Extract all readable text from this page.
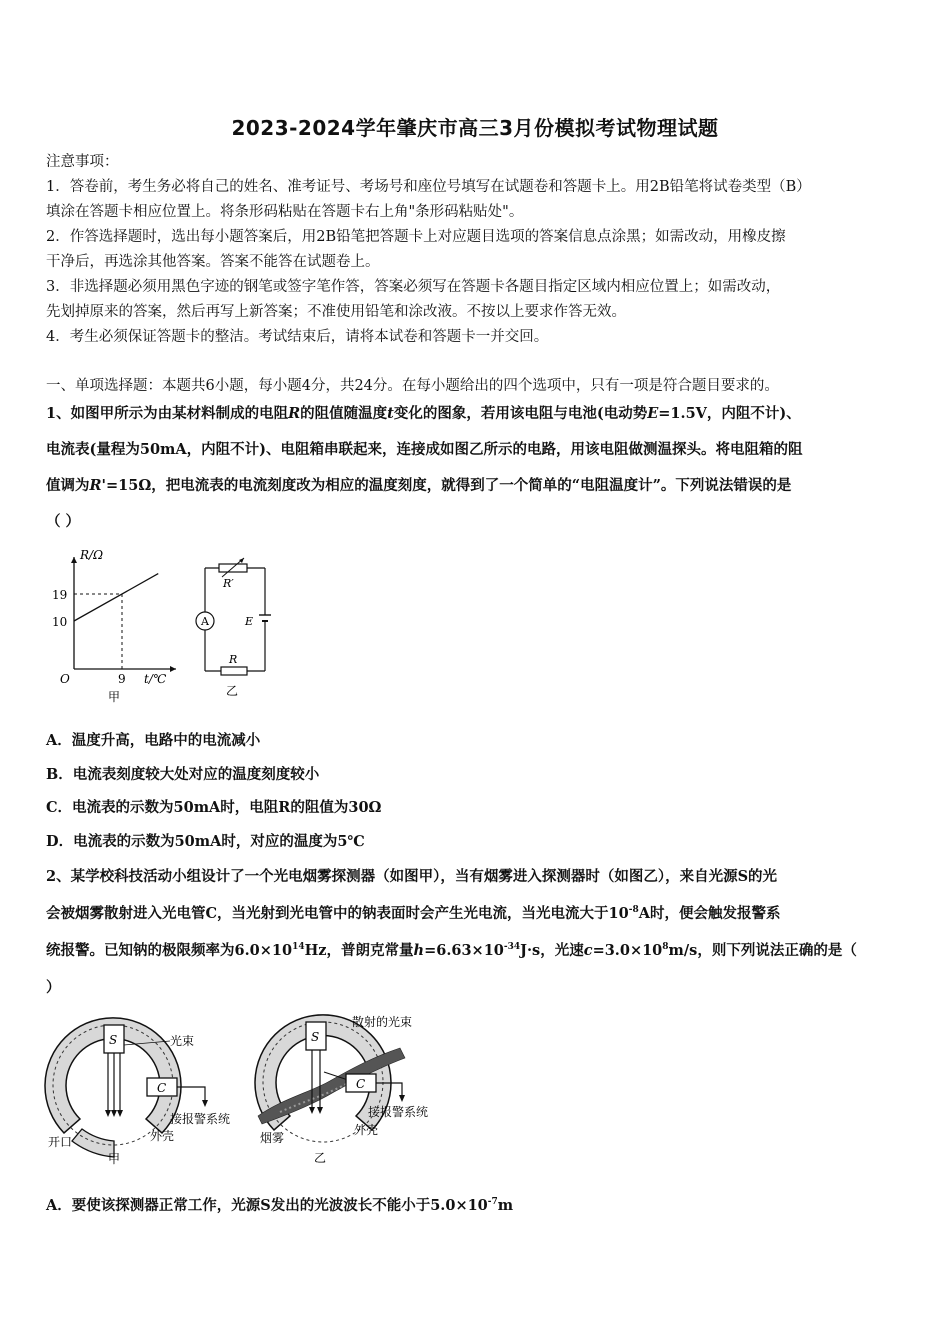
2023-2024学年肇庆市高三3月份模拟考试物理试题
注意事项：
1．答卷前，考生务必将自己的姓名、准考证号、考场号和座位号填写在试题卷和答题卡上。用2B铅笔将试卷类型（B）
填涂在答题卡相应位置上。将条形码粘贴在答题卡右上角"条形码粘贴处"。
2．作答选择题时，选出每小题答案后，用2B铅笔把答题卡上对应题目选项的答案信息点涂黑；如需改动，用橡皮擦
干净后，再选涂其他答案。答案不能答在试题卷上。
3．非选择题必须用黑色字迹的钢笔或签字笔作答，答案必须写在答题卡各题目指定区域内相应位置上；如需改动，
先划掉原来的答案，然后再写上新答案；不准使用铅笔和涂改液。不按以上要求作答无效。
4．考生必须保证答题卡的整洁。考试结束后，请将本试卷和答题卡一并交回。
一、单项选择题：本题共6小题，每小题4分，共24分。在每小题给出的四个选项中，只有一项是符合题目要求的。
1、如图甲所示为由某材料制成的电阻R的阻值随温度t变化的图象，若用该电阻与电池(电动势E=1.5V，内阻不计)、
电流表(量程为50mA，内阻不计)、电阻箱串联起来，连接成如图乙所示的电路，用该电阻做测温探头。将电阻箱的阻
值调为R'=15Ω，把电流表的电流刻度改为相应的温度刻度，就得到了一个简单的“电阻温度计”。下列说法错误的是
（ ）
R/Ω
t/℃
O
19
10
9
甲
R′
A	E
R
乙
A．温度升高，电路中的电流减小
B．电流表刻度较大处对应的温度刻度较小
C．电流表的示数为50mA时，电阻R的阻值为30Ω
D．电流表的示数为50mA时，对应的温度为5℃
2、某学校科技活动小组设计了一个光电烟雾探测器（如图甲），当有烟雾进入探测器时（如图乙），来自光源S的光
会被烟雾散射进入光电管C，当光射到光电管中的钠表面时会产生光电流，当光电流大于$10^{-8}A$时，便会触发报警系
统报警。已知钠的极限频率为$6.0\times 10^{14}Hz$，普朗克常量$h=6.63\times 10^{-34}J\cdot s$，光速$c=3.0\times 10^8m/s$，则下列说法正确的是（
）
S
C
光束
接报警系统
开口	外壳
甲
S
C
散射的光束
接报警系统
烟雾
外壳
乙
A．要使该探测器正常工作，光源S发出的光波波长不能小于$5.0\times 10^{-7}m$
